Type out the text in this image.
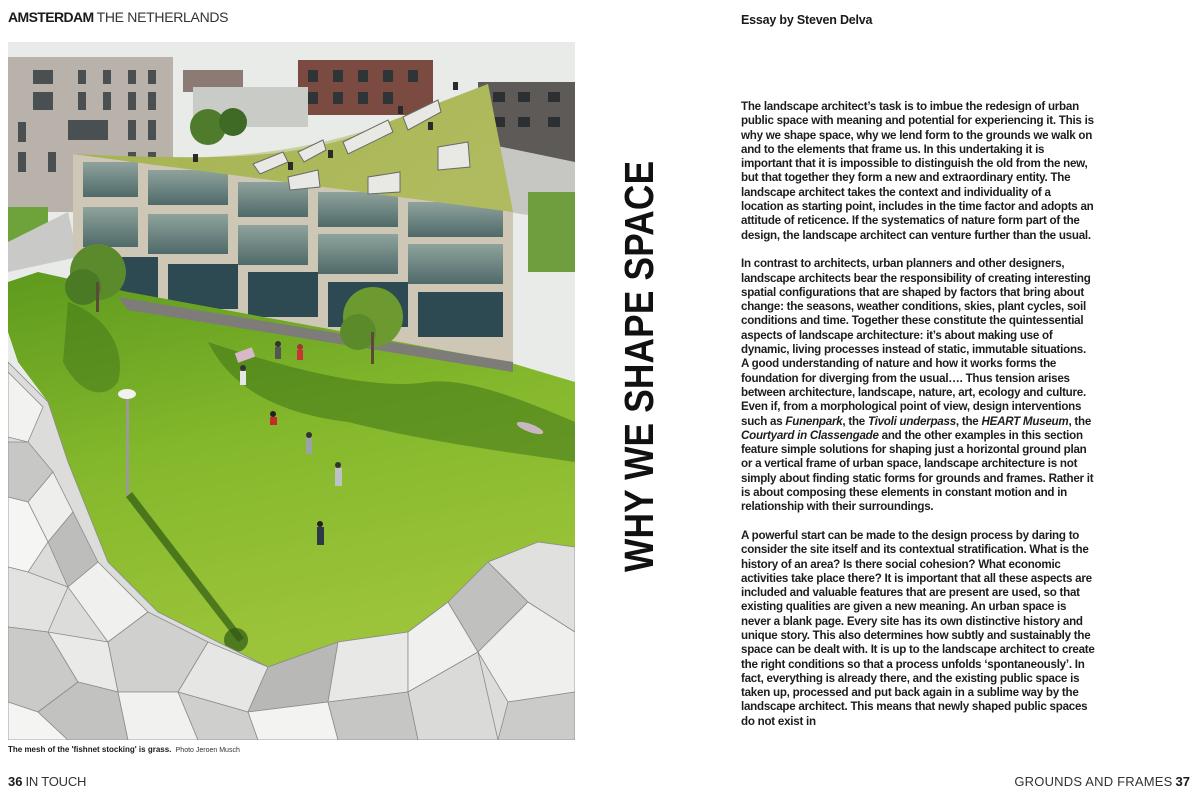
AMSTERDAM THE NETHERLANDS
The mesh of the 'fishnet stocking' is grass. Photo Jeroen Musch
36 IN TOUCH
WHY WE SHAPE SPACE
Essay by Steven Delva

The landscape architect’s task is to imbue the redesign of urban public space with meaning and potential for experiencing it. This is why we shape space, why we lend form to the grounds we walk on and to the elements that frame us. In this undertaking it is important that it is impossible to distinguish the old from the new, but that together they form a new and extraordinary entity. The landscape architect takes the context and individuality of a location as starting point, includes in the time factor and adopts an attitude of reticence. If the systematics of nature form part of the design, the landscape architect can venture further than the usual.

In contrast to architects, urban planners and other designers, landscape architects bear the responsibility of creating interesting spatial configurations that are shaped by factors that bring about change: the seasons, weather conditions, skies, plant cycles, soil conditions and time. Together these constitute the quintessential aspects of landscape architecture: it’s about making use of dynamic, living processes instead of static, immutable situations. A good understanding of nature and how it works forms the foundation for diverging from the usual…. Thus tension arises between architecture, landscape, nature, art, ecology and culture. Even if, from a morphological point of view, design interventions such as Funenpark, the Tivoli underpass, the HEART Museum, the Courtyard in Classengade and the other examples in this section feature simple solutions for shaping just a horizontal ground plan or a vertical frame of urban space, landscape architecture is not simply about finding static forms for grounds and frames. Rather it is about composing these elements in constant motion and in relationship with their surroundings.

A powerful start can be made to the design process by daring to consider the site itself and its contextual stratification. What is the history of an area? Is there social cohesion? What economic activities take place there? It is important that all these aspects are included and valuable features that are present are used, so that existing qualities are given a new meaning. An urban space is never a blank page. Every site has its own distinctive history and unique story. This also determines how subtly and sustainably the space can be dealt with. It is up to the landscape architect to create the right conditions so that a process unfolds ‘spontaneously’. In fact, everything is already there, and the existing public space is taken up, processed and put back again in a sublime way by the landscape architect. This means that newly shaped public spaces do not exist in

GROUNDS AND FRAMES 37
